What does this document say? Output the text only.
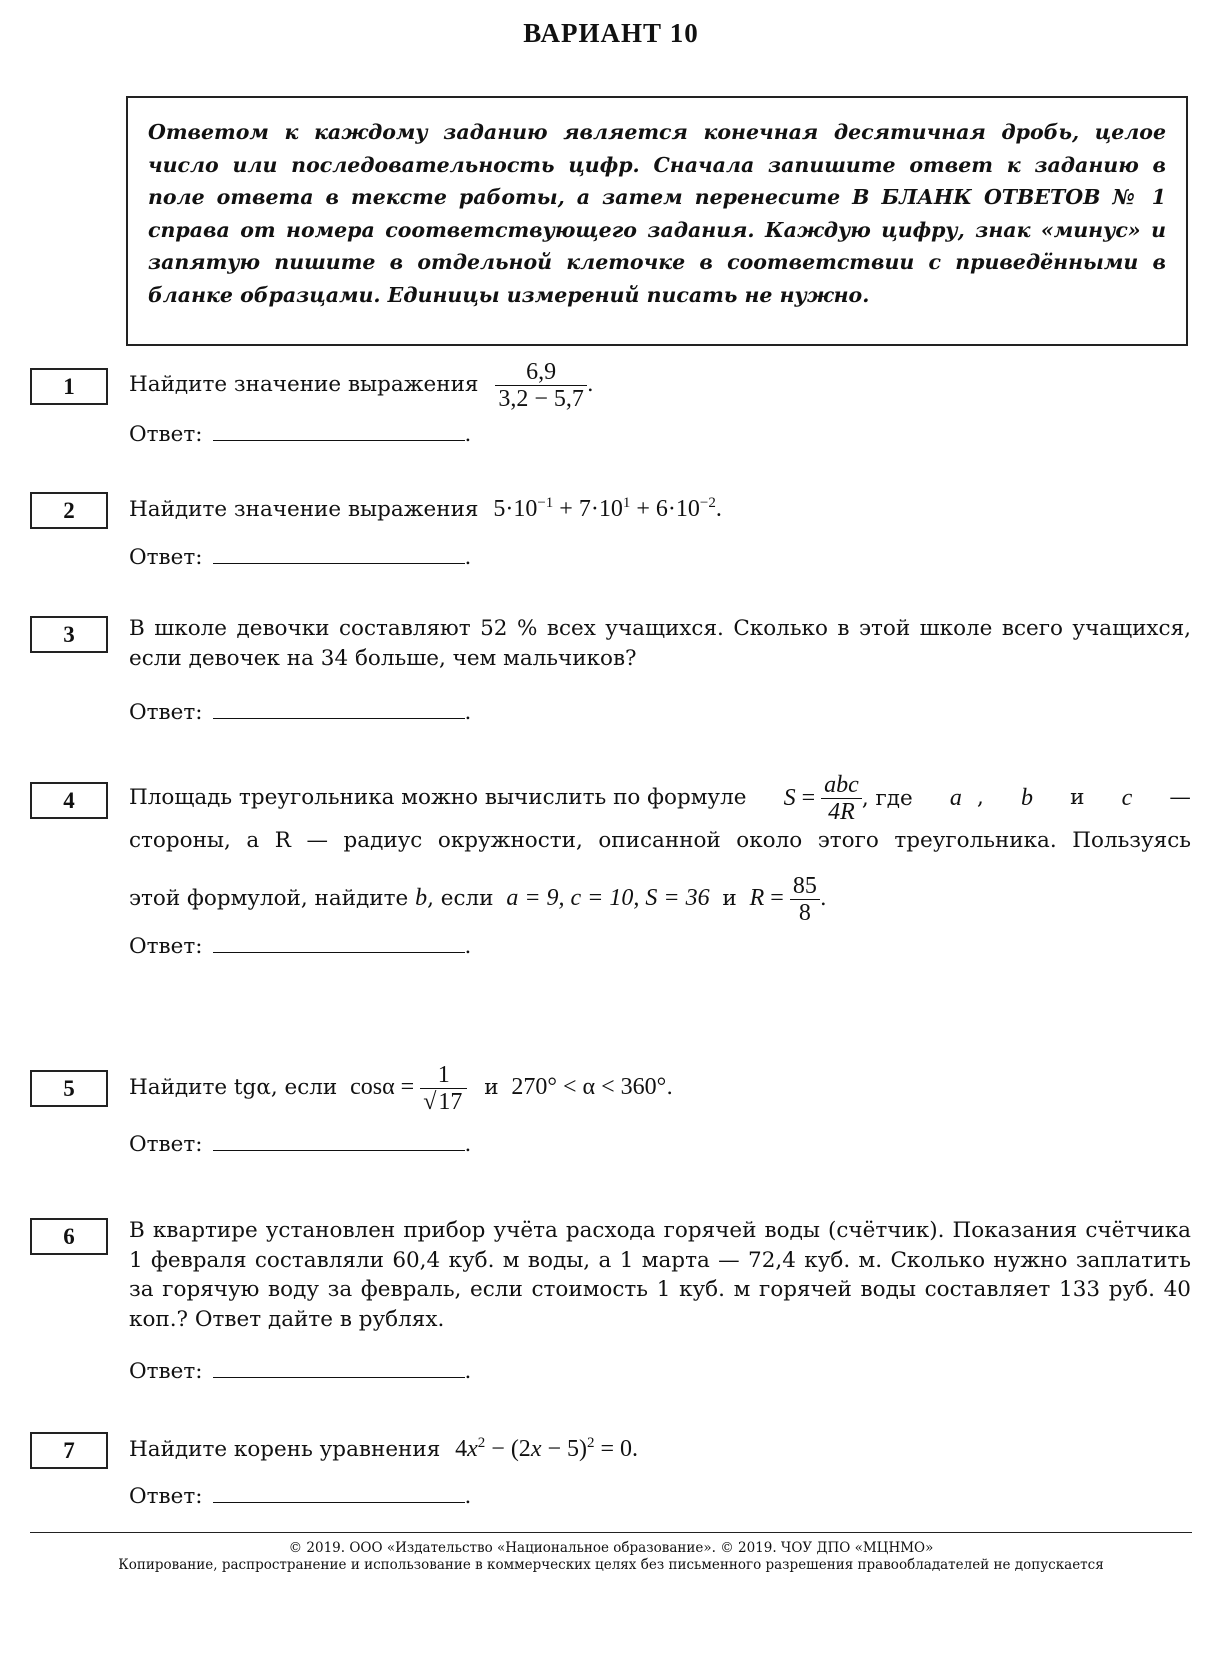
ВАРИАНТ 10
Ответом к каждому заданию является конечная десятичная дробь, целое число или последовательность цифр. Сначала запишите ответ к заданию в поле ответа в тексте работы, а затем перенесите В БЛАНК ОТВЕТОВ № 1 справа от номера соответствующего задания. Каждую цифру, знак «минус» и запятую пишите в отдельной клеточке в соответствии с приведёнными в бланке образцами. Единицы измерений писать не нужно.
1	Найдите значение выражения $\frac{6,9}{3,2 - 5,7}$ .
Ответ:	.
2	Найдите значение выражения $5\cdot 10^{-1} + 7\cdot 10^1 + 6\cdot 10^{-2}$.
Ответ:	.
3	В школе девочки составляют 52 % всех учащихся. Сколько в этой школе всего учащихся, если девочек на 34 больше, чем мальчиков?
Ответ:	.
4	Площадь треугольника можно вычислить по формуле $S = \frac{\text{abc}}{4R}$ , где a , b и c —
стороны, а R — радиус окружности, описанной около этого треугольника. Пользуясь
этой формулой, найдите b, если a = 9, c = 10, S = 36 и $R = \frac{85}{8}$ .
Ответ:	.
5	Найдите tgα, если $\cos\alpha = \frac{1}{√17}$ и 270° < α < 360°.
Ответ:	.
6	В квартире установлен прибор учёта расхода горячей воды (счётчик). Показания счётчика 1 февраля составляли 60,4 куб. м воды, а 1 марта — 72,4 куб. м. Сколько нужно заплатить за горячую воду за февраль, если стоимость 1 куб. м горячей воды составляет 133 руб. 40 коп.? Ответ дайте в рублях.
Ответ:	.
7	Найдите корень уравнения $4x^2 - (2x - 5)^2 = 0$.
Ответ:	.
© 2019. ООО «Издательство «Национальное образование». © 2019. ЧОУ ДПО «МЦНМО»
Копирование, распространение и использование в коммерческих целях без письменного разрешения правообладателей не допускается
